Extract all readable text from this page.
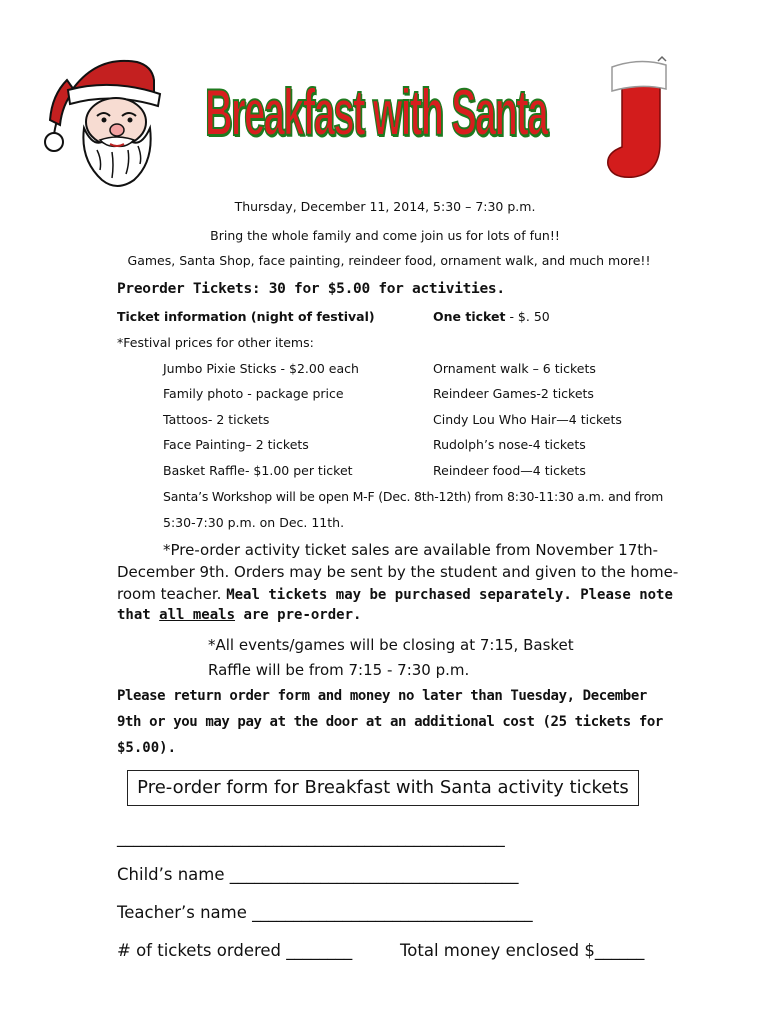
Breakfast with Santa
Thursday, December 11, 2014, 5:30 – 7:30 p.m.
Bring the whole family and come join us for lots of fun!!
Games, Santa Shop, face painting, reindeer food, ornament walk, and much more!!
Preorder Tickets: 30 for $5.00 for activities.
Ticket information (night of festival)	One ticket - $. 50
*Festival prices for other items:
Jumbo Pixie Sticks - $2.00 each
Family photo - package price
Tattoos- 2 tickets
Face Painting– 2 tickets
Basket Raffle- $1.00 per ticket
Ornament walk – 6 tickets
Reindeer Games-2 tickets
Cindy Lou Who Hair—4 tickets
Rudolph’s nose-4 tickets
Reindeer food—4 tickets
Santa’s Workshop will be open M-F (Dec. 8th-12th) from 8:30-11:30 a.m. and from
5:30-7:30 p.m. on Dec. 11th.
*Pre-order activity ticket sales are available from November 17th-
December 9th. Orders may be sent by the student and given to the home-
room teacher. Meal tickets may be purchased separately. Please note
that all meals are pre-order.
*All events/games will be closing at 7:15, Basket
Raffle will be from 7:15 - 7:30 p.m.
Please return order form and money no later than Tuesday, December
9th or you may pay at the door at an additional cost (25 tickets for
$5.00).
Pre-order form for Breakfast with Santa activity tickets
_______________________________________________
Child’s name ___________________________________
Teacher’s name __________________________________
# of tickets ordered ________	Total money enclosed $______
